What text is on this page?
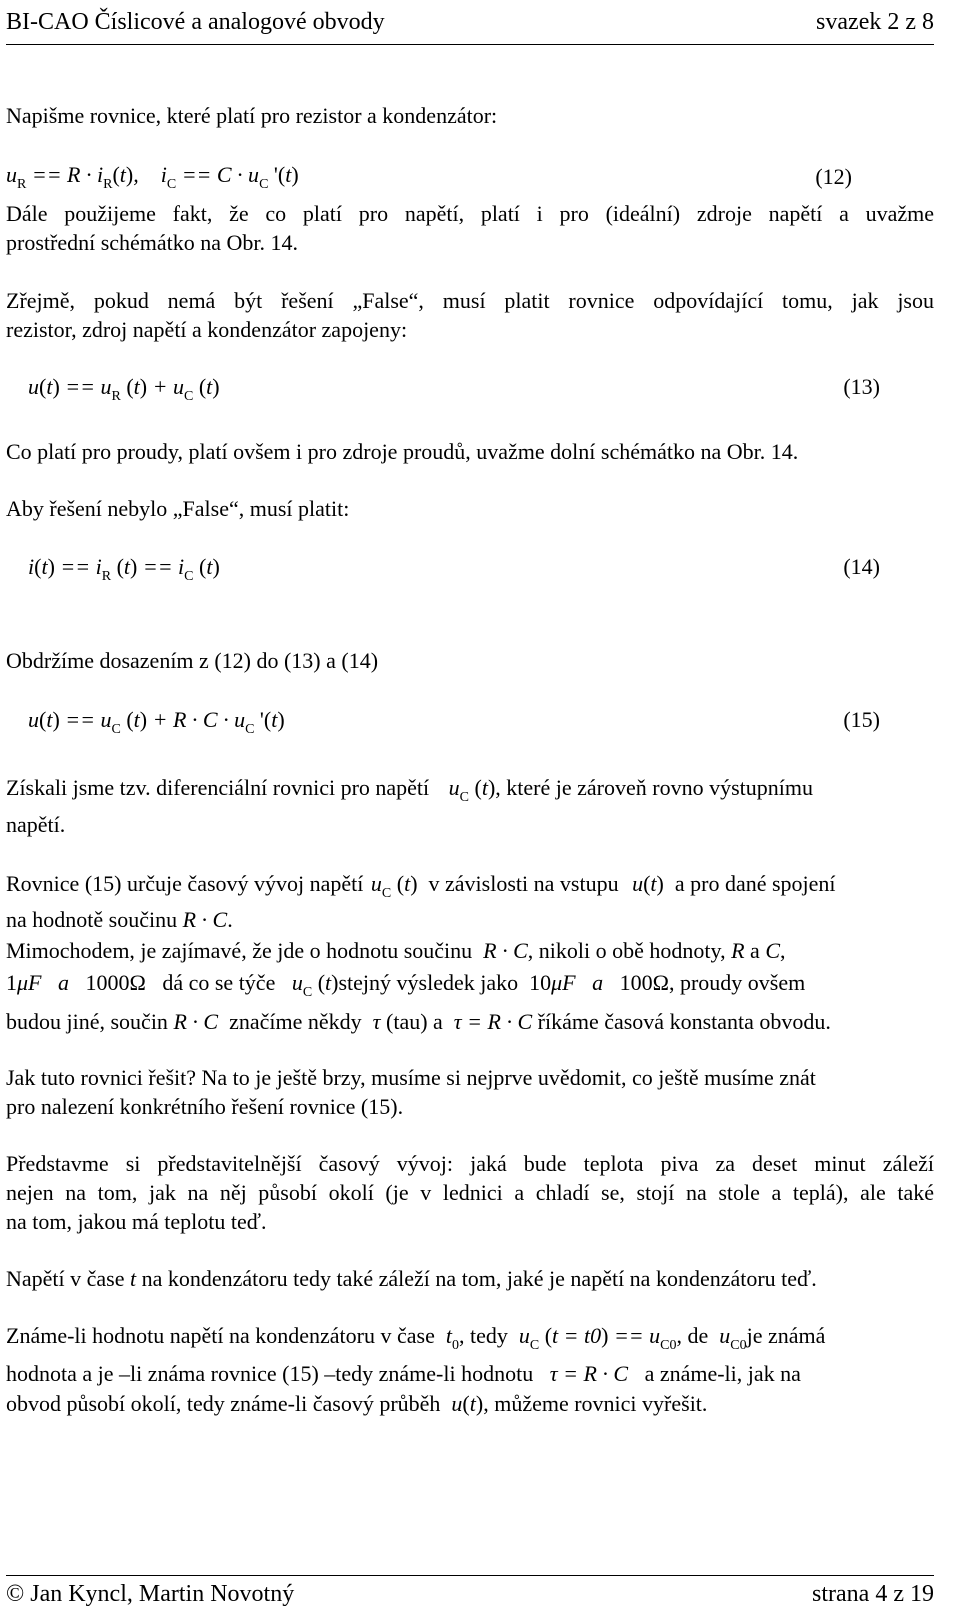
BI-CAO Číslicové a analogové obvody	svazek 2 z 8
Napišme rovnice, které platí pro rezistor a kondenzátor:
$u_R == R \cdot i_R(t)$,    $i_C == C \cdot u_C$ '(t)	(12)
Dále použijeme fakt, že co platí pro napětí, platí i pro (ideální) zdroje napětí a uvažme
prostřední schémátko na Obr. 14.
Zřejmě, pokud nemá být řešení „False“, musí platit rovnice odpovídající tomu, jak jsou
rezistor, zdroj napětí a kondenzátor zapojeny:
$u(t) == u_R$ $(t) + u_C$ (t)	(13)
Co platí pro proudy, platí ovšem i pro zdroje proudů, uvažme dolní schémátko na Obr. 14.
Aby řešení nebylo „False“, musí platit:
$i(t) == i_R$ $(t) == i_C$ (t)	(14)
Obdržíme dosazením z (12) do (13) a (14)
$u(t) == u_C$ $(t) + R \cdot C \cdot u_C$ '(t)	(15)
Získali jsme tzv. diferenciální rovnici pro napětí $u_C$ (t), které je zároveň rovno výstupnímu
napětí.
Rovnice (15) určuje časový vývoj napětí $u_C$ (t) v závislosti na vstupu u(t) a pro dané spojení
na hodnotě součinu R · C.
Mimochodem, je zajímavé, že jde o hodnotu součinu R · C, nikoli o obě hodnoty, R a C,
1μF a   1000Ω dá co se týče $u_C$ (t)stejný výsledek jako 10μF a   100Ω, proudy ovšem
budou jiné, součin R · C značíme někdy τ (tau) a τ = R · C říkáme časová konstanta obvodu.
Jak tuto rovnici řešit? Na to je ještě brzy, musíme si nejprve uvědomit, co ještě musíme znát
pro nalezení konkrétního řešení rovnice (15).
Představme si představitelnější časový vývoj: jaká bude teplota piva za deset minut záleží
nejen na tom, jak na něj působí okolí (je v lednici a chladí se, stojí na stole a teplá), ale také
na tom, jakou má teplotu teď.
Napětí v čase t na kondenzátoru tedy také záleží na tom, jaké je napětí na kondenzátoru teď.
Známe-li hodnotu napětí na kondenzátoru v čase $t_0$, tedy $u_C$ $(t = t0) == u_{C0}$, de $u_{C0}je$ známá
hodnota a je –li známa rovnice (15) –tedy známe-li hodnotu τ = R · C a známe-li, jak na
obvod působí okolí, tedy známe-li časový průběh u(t), můžeme rovnici vyřešit.
© Jan Kyncl, Martin Novotný	strana 4 z 19
